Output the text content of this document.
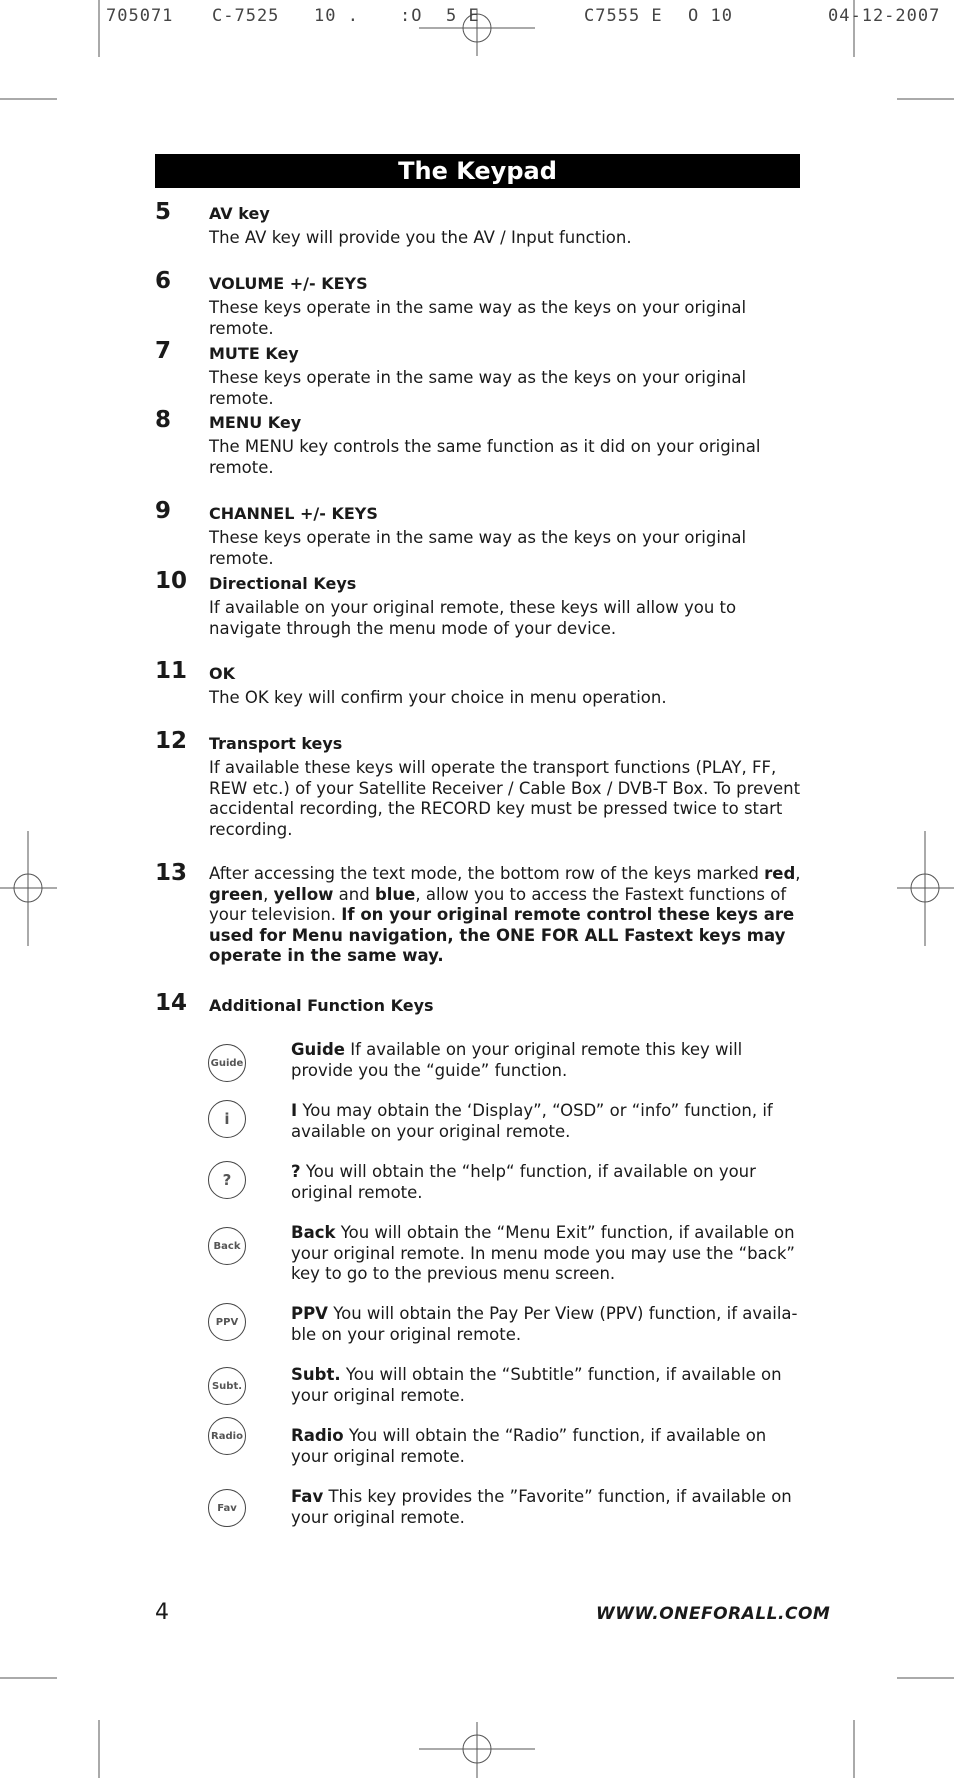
705071

C-7525

10 .

:O

5 E

	C7555 E

O 10

	04-12-2007

The Keypad
5 AV key
The AV key will provide you the AV / Input function.
6 VOLUME +/- KEYS
These keys operate in the same way as the keys on your original remote.
7 MUTE Key
These keys operate in the same way as the keys on your original remote.
8 MENU Key
The MENU key controls the same function as it did on your original remote.
9 CHANNEL +/- KEYS
These keys operate in the same way as the keys on your original remote.
10 Directional Keys
If available on your original remote, these keys will allow you to navigate through the menu mode of your device.
11 OK
The OK key will confirm your choice in menu operation.
12 Transport keys
If available these keys will operate the transport functions (PLAY, FF, REW etc.) of your Satellite Receiver / Cable Box / DVB-T Box. To prevent accidental recording, the RECORD key must be pressed twice to start recording.
13 After accessing the text mode, the bottom row of the keys marked red,
green, yellow and blue, allow you to access the Fastext functions of your television. If on your original remote control these keys are used for Menu navigation, the ONE FOR ALL Fastext keys may operate in the same way.
14 Additional Function Keys
Guide
Guide If available on your original remote this key will provide you the “guide” function.
i	I You may obtain the ‘Display”, “OSD” or “info” function, if available on your original remote.
?	? You will obtain the “help“ function, if available on your original remote.
Back
Back You will obtain the “Menu Exit” function, if available on your original remote. In menu mode you may use the “back” key to go to the previous menu screen.
PPV	PPV You will obtain the Pay Per View (PPV) function, if availa-ble on your original remote.
Subt.
Subt. You will obtain the “Subtitle” function, if available on your original remote.
Radio	Radio You will obtain the “Radio” function, if available on your original remote.
Fav
Fav This key provides the ”Favorite” function, if available on your original remote.
4	WWW.ONEFORALL.COM
